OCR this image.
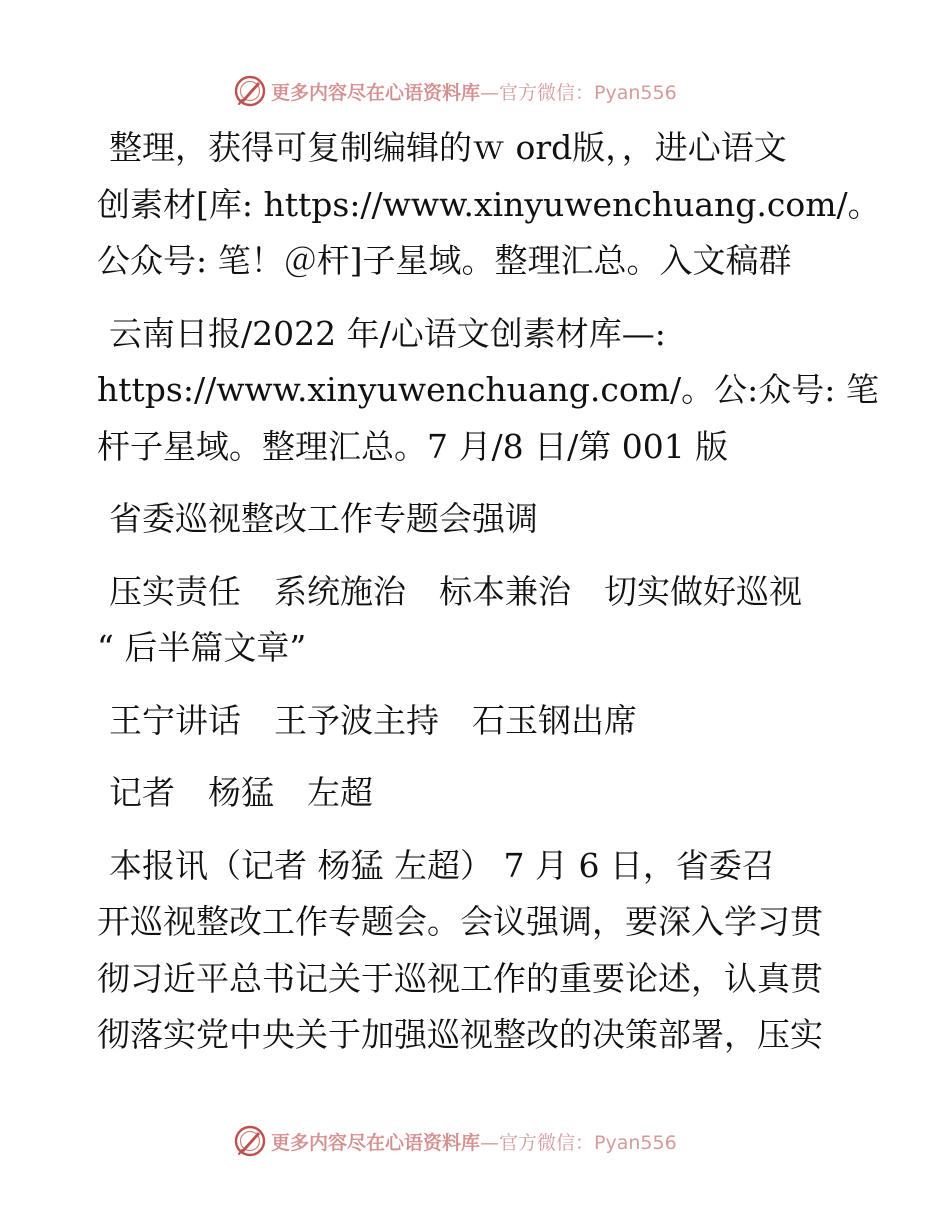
更多内容尽在心语资料库—官方微信：Pyan556
整理，获得可复制编辑的ｗ ord版，，进心语文
创素材[库: https://www.xinyuwenchuang.com/。
公众号: 笔！＠杆]子星域。整理汇总。入文稿群
云南日报/2022 年/心语文创素材库—:
https://www.xinyuwenchuang.com/。公:众号: 笔
杆子星域。整理汇总。7 月/8 日/第 001 版
省委巡视整改工作专题会强调
压实责任　系统施治　标本兼治　切实做好巡视
“ 后半篇文章”
王宁讲话　王予波主持　石玉钢出席
记者　杨猛　左超
本报讯（记者 杨猛 左超） 7 月 6 日，省委召
开巡视整改工作专题会。会议强调，要深入学习贯
彻习近平总书记关于巡视工作的重要论述，认真贯
彻落实党中央关于加强巡视整改的决策部署，压实
更多内容尽在心语资料库—官方微信：Pyan556
